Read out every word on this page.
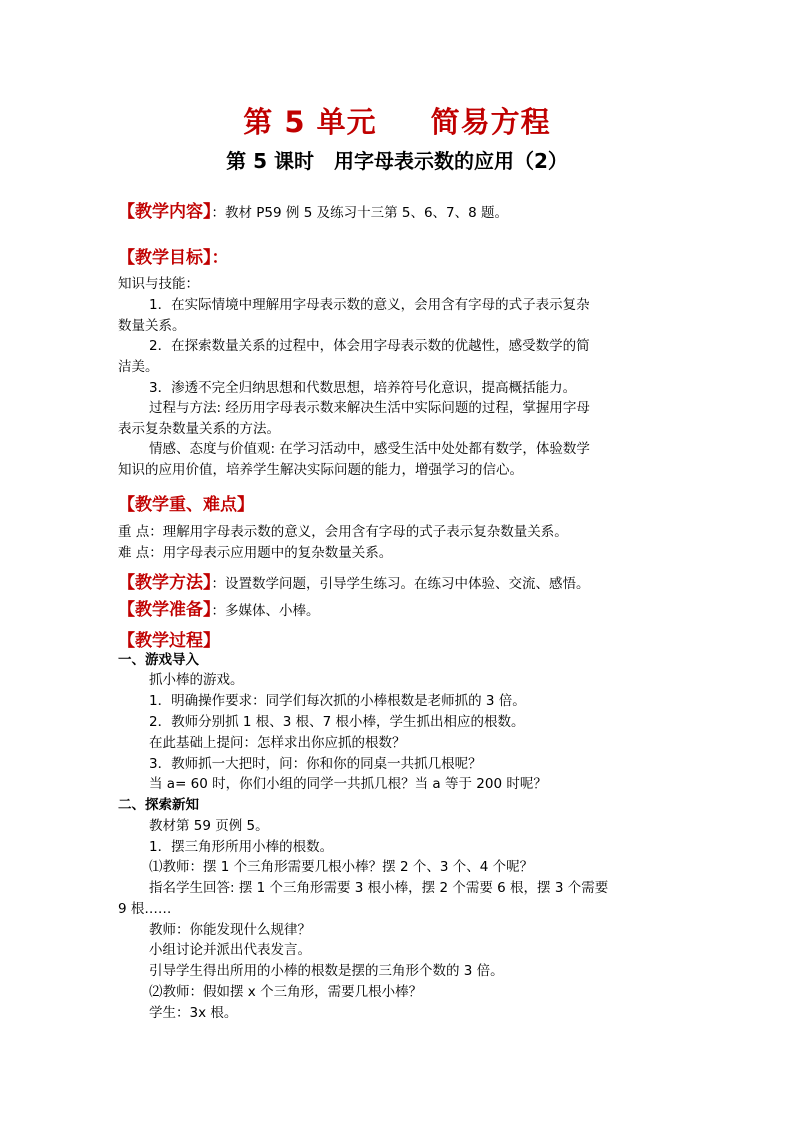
第 5 单元 简易方程
第 5 课时 用字母表示数的应用（2）
【教学内容】：教材 P59 例 5 及练习十三第 5、6、7、8 题。
【教学目标】：
知识与技能：
1．在实际情境中理解用字母表示数的意义，会用含有字母的式子表示复杂
数量关系。
2．在探索数量关系的过程中，体会用字母表示数的优越性，感受数学的简
洁美。
3．渗透不完全归纳思想和代数思想，培养符号化意识，提高概括能力。
过程与方法: 经历用字母表示数来解决生活中实际问题的过程，掌握用字母
表示复杂数量关系的方法。
情感、态度与价值观: 在学习活动中，感受生活中处处都有数学，体验数学
知识的应用价值，培养学生解决实际问题的能力，增强学习的信心。
【教学重、难点】
重 点：理解用字母表示数的意义，会用含有字母的式子表示复杂数量关系。
难 点：用字母表示应用题中的复杂数量关系。
【教学方法】：设置数学问题，引导学生练习。在练习中体验、交流、感悟。
【教学准备】：多媒体、小棒。
【教学过程】
一、游戏导入
抓小棒的游戏。
1．明确操作要求：同学们每次抓的小棒根数是老师抓的 3 倍。
2．教师分别抓 1 根、3 根、7 根小棒，学生抓出相应的根数。
在此基础上提问：怎样求出你应抓的根数？
3．教师抓一大把时，问：你和你的同桌一共抓几根呢？
当 a= 60 时，你们小组的同学一共抓几根？当 a 等于 200 时呢？
二、探索新知
教材第 59 页例 5。
1．摆三角形所用小棒的根数。
⑴教师：摆 1 个三角形需要几根小棒？摆 2 个、3 个、4 个呢？
指名学生回答: 摆 1 个三角形需要 3 根小棒，摆 2 个需要 6 根，摆 3 个需要
9 根……
教师：你能发现什么规律？
小组讨论并派出代表发言。
引导学生得出所用的小棒的根数是摆的三角形个数的 3 倍。
⑵教师：假如摆 x 个三角形，需要几根小棒？
学生：3x 根。
